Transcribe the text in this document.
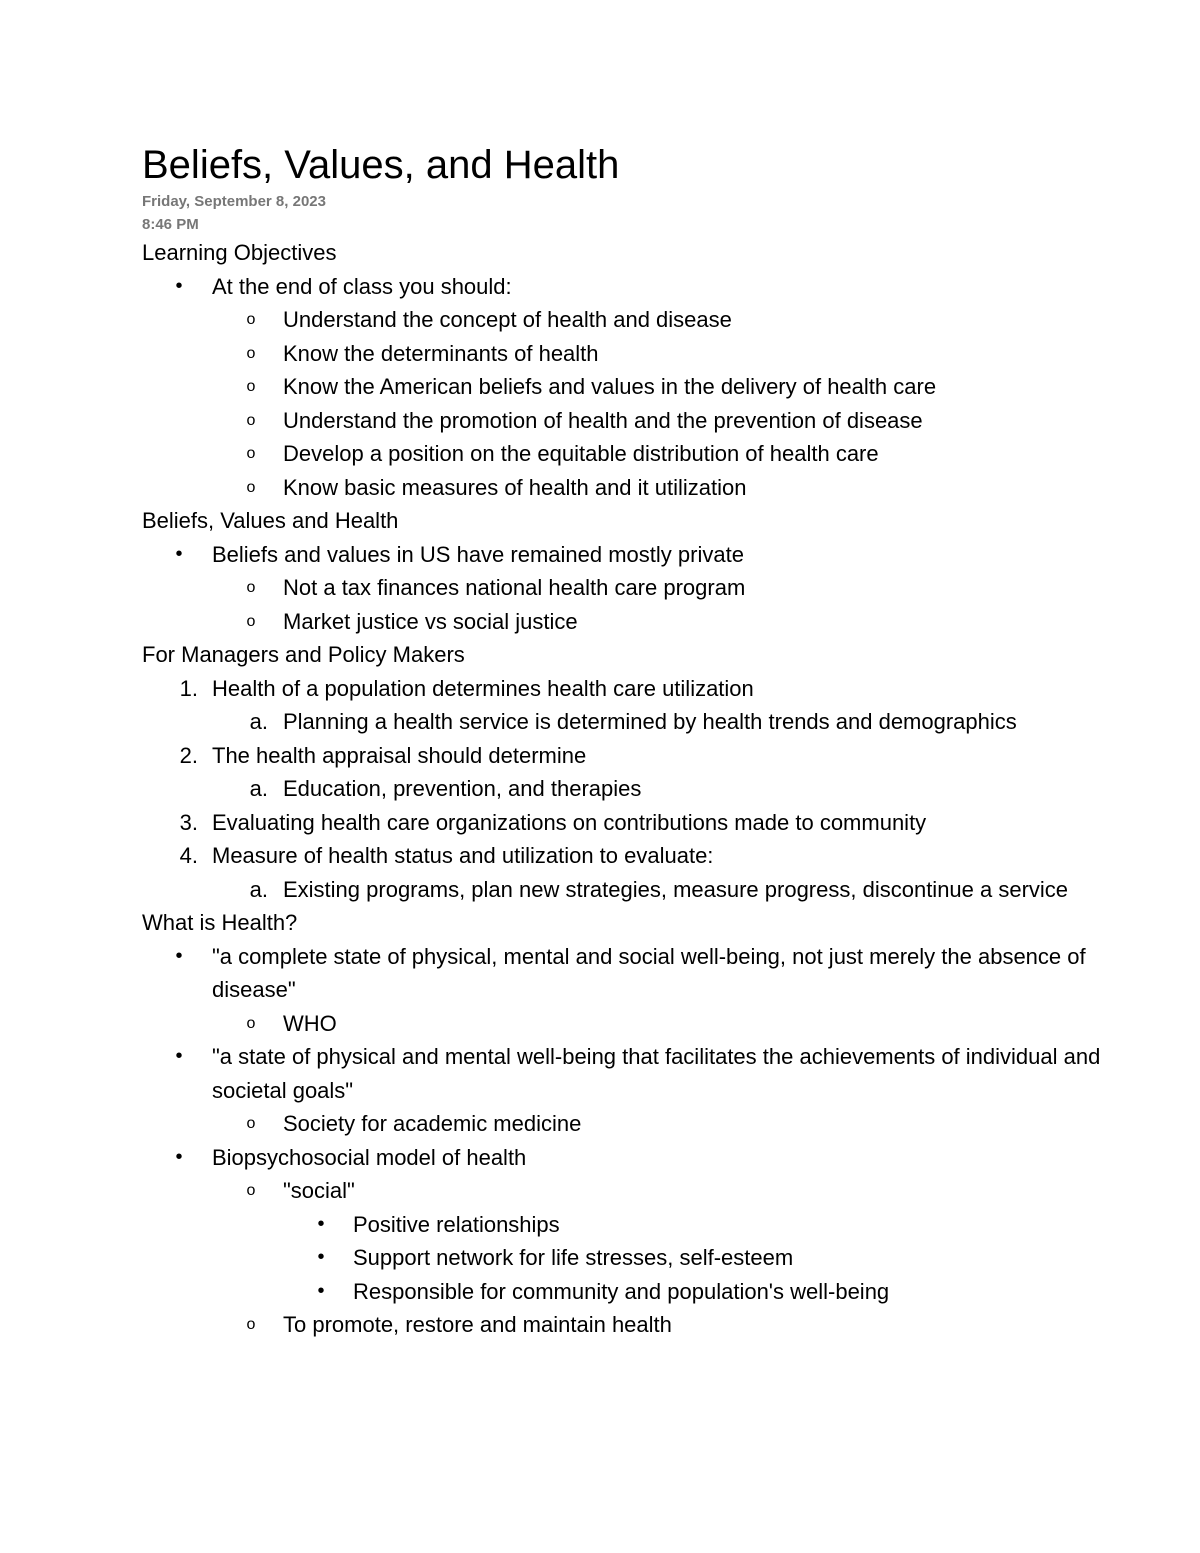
Beliefs, Values, and Health
Friday, September 8, 2023
8:46 PM
Learning Objectives
• At the end of class you should:
o Understand the concept of health and disease
o Know the determinants of health
o Know the American beliefs and values in the delivery of health care
o Understand the promotion of health and the prevention of disease
o Develop a position on the equitable distribution of health care
o Know basic measures of health and it utilization
Beliefs, Values and Health
• Beliefs and values in US have remained mostly private
o Not a tax finances national health care program
o Market justice vs social justice
For Managers and Policy Makers
1. Health of a population determines health care utilization
a. Planning a health service is determined by health trends and demographics
2. The health appraisal should determine
a. Education, prevention, and therapies
3. Evaluating health care organizations on contributions made to community
4. Measure of health status and utilization to evaluate:
a. Existing programs, plan new strategies, measure progress, discontinue a service
What is Health?
• "a complete state of physical, mental and social well-being, not just merely the absence of disease"
o WHO
• "a state of physical and mental well-being that facilitates the achievements of individual and societal goals"
o Society for academic medicine
• Biopsychosocial model of health
o "social"
• Positive relationships
• Support network for life stresses, self-esteem
• Responsible for community and population's well-being
o To promote, restore and maintain health
